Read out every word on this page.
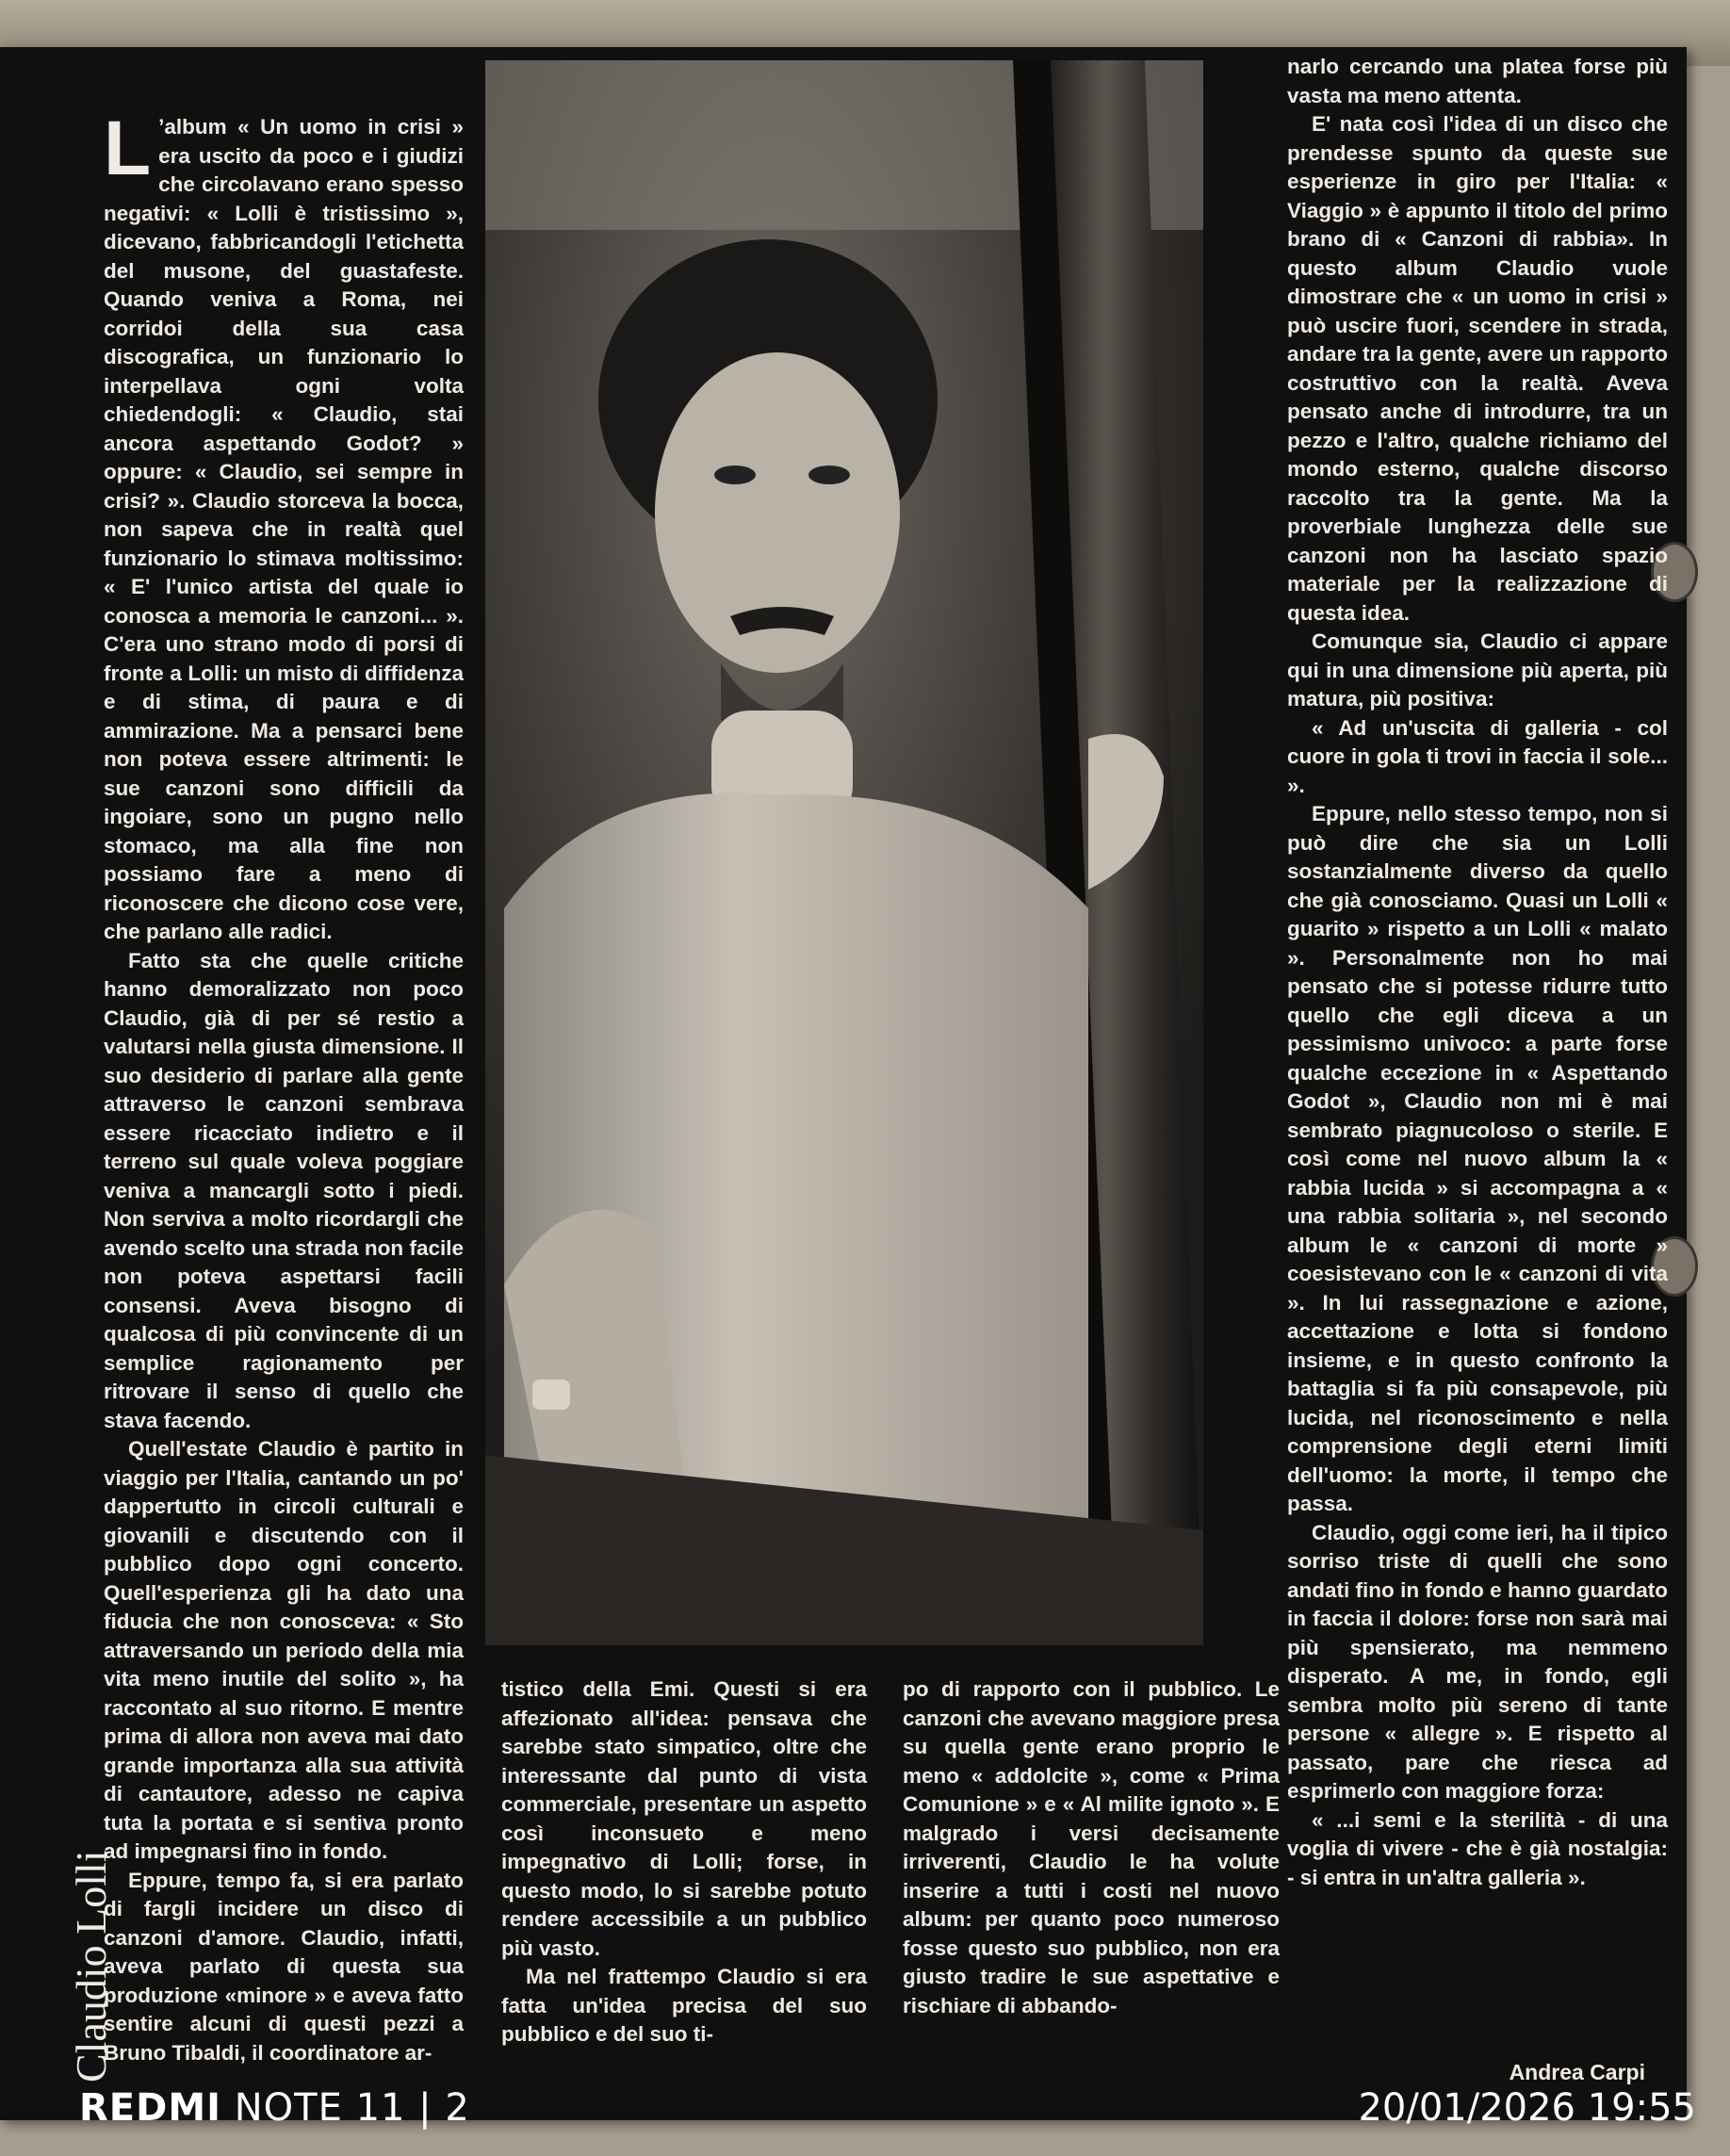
L ’album « Un uomo in crisi » era uscito da poco e i giudizi che circolavano erano spesso negativi: « Lolli è tristissimo », dicevano, fabbricandogli l'etichetta del musone, del guastafeste. Quando veniva a Roma, nei corridoi della sua casa discografica, un funzionario lo interpellava ogni volta chiedendogli: « Claudio, stai ancora aspettando Godot? » oppure: « Claudio, sei sempre in crisi? ». Claudio storceva la bocca, non sapeva che in realtà quel funzionario lo stimava moltissimo: « E' l'unico artista del quale io conosca a memoria le canzoni... ». C'era uno strano modo di porsi di fronte a Lolli: un misto di diffidenza e di stima, di paura e di ammirazione. Ma a pensarci bene non poteva essere altrimenti: le sue canzoni sono difficili da ingoiare, sono un pugno nello stomaco, ma alla fine non possiamo fare a meno di riconoscere che dicono cose vere, che parlano alle radici.

Fatto sta che quelle critiche hanno demoralizzato non poco Claudio, già di per sé restio a valutarsi nella giusta dimensione. Il suo desiderio di parlare alla gente attraverso le canzoni sembrava essere ricacciato indietro e il terreno sul quale voleva poggiare veniva a mancargli sotto i piedi. Non serviva a molto ricordargli che avendo scelto una strada non facile non poteva aspettarsi facili consensi. Aveva bisogno di qualcosa di più convincente di un semplice ragionamento per ritrovare il senso di quello che stava facendo.

Quell'estate Claudio è partito in viaggio per l'Italia, cantando un po' dappertutto in circoli culturali e giovanili e discutendo con il pubblico dopo ogni concerto. Quell'esperienza gli ha dato una fiducia che non conosceva: « Sto attraversando un periodo della mia vita meno inutile del solito », ha raccontato al suo ritorno. E mentre prima di allora non aveva mai dato grande importanza alla sua attività di cantautore, adesso ne capiva tuta la portata e si sentiva pronto ad impegnarsi fino in fondo.

Eppure, tempo fa, si era parlato di fargli incidere un disco di canzoni d'amore. Claudio, infatti, aveva parlato di questa sua produzione «minore » e aveva fatto sentire alcuni di questi pezzi a Bruno Tibaldi, il coordinatore ar-

tistico della Emi. Questi si era affezionato all'idea: pensava che sarebbe stato simpatico, oltre che interessante dal punto di vista commerciale, presentare un aspetto così inconsueto e meno impegnativo di Lolli; forse, in questo modo, lo si sarebbe potuto rendere accessibile a un pubblico più vasto.

Ma nel frattempo Claudio si era fatta un'idea precisa del suo pubblico e del suo ti-

po di rapporto con il pubblico. Le canzoni che avevano maggiore presa su quella gente erano proprio le meno « addolcite », come « Prima Comunione » e « Al milite ignoto ». E malgrado i versi decisamente irriverenti, Claudio le ha volute inserire a tutti i costi nel nuovo album: per quanto poco numeroso fosse questo suo pubblico, non era giusto tradire le sue aspettative e rischiare di abbando-

narlo cercando una platea forse più vasta ma meno attenta.

E' nata così l'idea di un disco che prendesse spunto da queste sue esperienze in giro per l'Italia: « Viaggio » è appunto il titolo del primo brano di « Canzoni di rabbia». In questo album Claudio vuole dimostrare che « un uomo in crisi » può uscire fuori, scendere in strada, andare tra la gente, avere un rapporto costruttivo con la realtà. Aveva pensato anche di introdurre, tra un pezzo e l'altro, qualche richiamo del mondo esterno, qualche discorso raccolto tra la gente. Ma la proverbiale lunghezza delle sue canzoni non ha lasciato spazio materiale per la realizzazione di questa idea.

Comunque sia, Claudio ci appare qui in una dimensione più aperta, più matura, più positiva:

« Ad un'uscita di galleria - col cuore in gola ti trovi in faccia il sole... ».

Eppure, nello stesso tempo, non si può dire che sia un Lolli sostanzialmente diverso da quello che già conosciamo. Quasi un Lolli « guarito » rispetto a un Lolli « malato ». Personalmente non ho mai pensato che si potesse ridurre tutto quello che egli diceva a un pessimismo univoco: a parte forse qualche eccezione in « Aspettando Godot », Claudio non mi è mai sembrato piagnucoloso o sterile. E così come nel nuovo album la « rabbia lucida » si accompagna a « una rabbia solitaria », nel secondo album le « canzoni di morte » coesistevano con le « canzoni di vita ». In lui rassegnazione e azione, accettazione e lotta si fondono insieme, e in questo confronto la battaglia si fa più consapevole, più lucida, nel riconoscimento e nella comprensione degli eterni limiti dell'uomo: la morte, il tempo che passa.

Claudio, oggi come ieri, ha il tipico sorriso triste di quelli che sono andati fino in fondo e hanno guardato in faccia il dolore: forse non sarà mai più spensierato, ma nemmeno disperato. A me, in fondo, egli sembra molto più sereno di tante persone « allegre ». E rispetto al passato, pare che riesca ad esprimerlo con maggiore forza:

« ...i semi e la sterilità - di una voglia di vivere - che è già nostalgia: - si entra in un'altra galleria ».

Claudio Lolli	Andrea Carpi
REDMI NOTE 11 | 2	20/01/2026 19:55
